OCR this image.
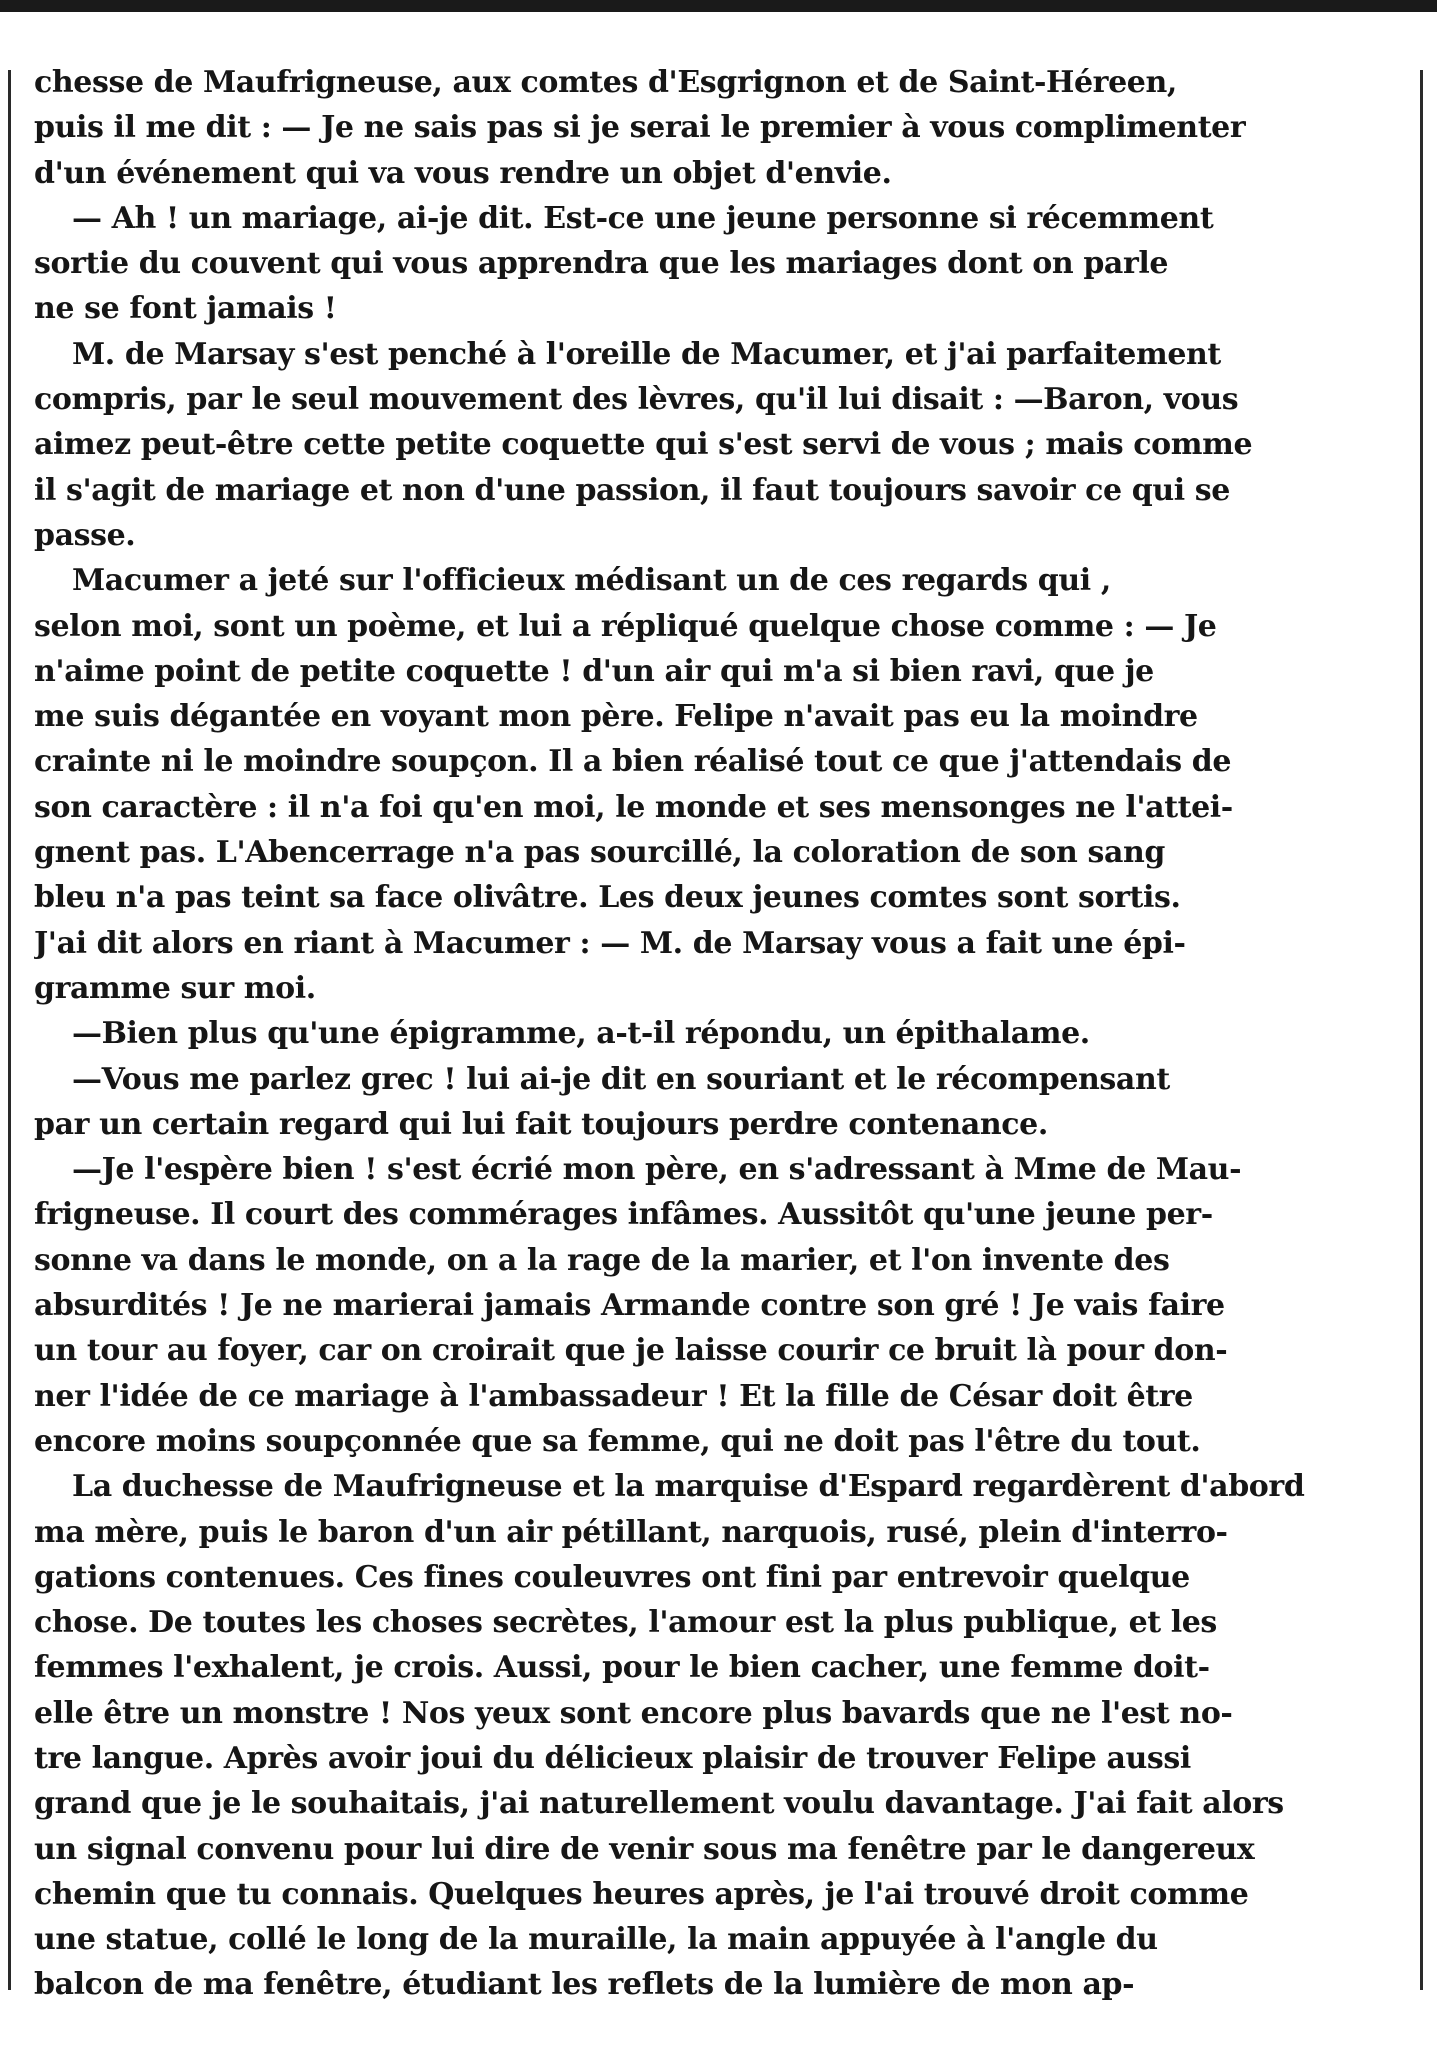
chesse de Maufrigneuse, aux comtes d'Esgrignon et de Saint-Héreen,
puis il me dit : — Je ne sais pas si je serai le premier à vous complimenter
d'un événement qui va vous rendre un objet d'envie.
— Ah ! un mariage, ai-je dit. Est-ce une jeune personne si récemment
sortie du couvent qui vous apprendra que les mariages dont on parle
ne se font jamais !
M. de Marsay s'est penché à l'oreille de Macumer, et j'ai parfaitement
compris, par le seul mouvement des lèvres, qu'il lui disait : —Baron, vous
aimez peut-être cette petite coquette qui s'est servi de vous ; mais comme
il s'agit de mariage et non d'une passion, il faut toujours savoir ce qui se
passe.
Macumer a jeté sur l'officieux médisant un de ces regards qui ,
selon moi, sont un poème, et lui a répliqué quelque chose comme : — Je
n'aime point de petite coquette ! d'un air qui m'a si bien ravi, que je
me suis dégantée en voyant mon père. Felipe n'avait pas eu la moindre
crainte ni le moindre soupçon. Il a bien réalisé tout ce que j'attendais de
son caractère : il n'a foi qu'en moi, le monde et ses mensonges ne l'attei-
gnent pas. L'Abencerrage n'a pas sourcillé, la coloration de son sang
bleu n'a pas teint sa face olivâtre. Les deux jeunes comtes sont sortis.
J'ai dit alors en riant à Macumer : — M. de Marsay vous a fait une épi-
gramme sur moi.
—Bien plus qu'une épigramme, a-t-il répondu, un épithalame.
—Vous me parlez grec ! lui ai-je dit en souriant et le récompensant
par un certain regard qui lui fait toujours perdre contenance.
—Je l'espère bien ! s'est écrié mon père, en s'adressant à Mme de Mau-
frigneuse. Il court des commérages infâmes. Aussitôt qu'une jeune per-
sonne va dans le monde, on a la rage de la marier, et l'on invente des
absurdités ! Je ne marierai jamais Armande contre son gré ! Je vais faire
un tour au foyer, car on croirait que je laisse courir ce bruit là pour don-
ner l'idée de ce mariage à l'ambassadeur ! Et la fille de César doit être
encore moins soupçonnée que sa femme, qui ne doit pas l'être du tout.
La duchesse de Maufrigneuse et la marquise d'Espard regardèrent d'abord
ma mère, puis le baron d'un air pétillant, narquois, rusé, plein d'interro-
gations contenues. Ces fines couleuvres ont fini par entrevoir quelque
chose. De toutes les choses secrètes, l'amour est la plus publique, et les
femmes l'exhalent, je crois. Aussi, pour le bien cacher, une femme doit-
elle être un monstre ! Nos yeux sont encore plus bavards que ne l'est no-
tre langue. Après avoir joui du délicieux plaisir de trouver Felipe aussi
grand que je le souhaitais, j'ai naturellement voulu davantage. J'ai fait alors
un signal convenu pour lui dire de venir sous ma fenêtre par le dangereux
chemin que tu connais. Quelques heures après, je l'ai trouvé droit comme
une statue, collé le long de la muraille, la main appuyée à l'angle du
balcon de ma fenêtre, étudiant les reflets de la lumière de mon ap-
